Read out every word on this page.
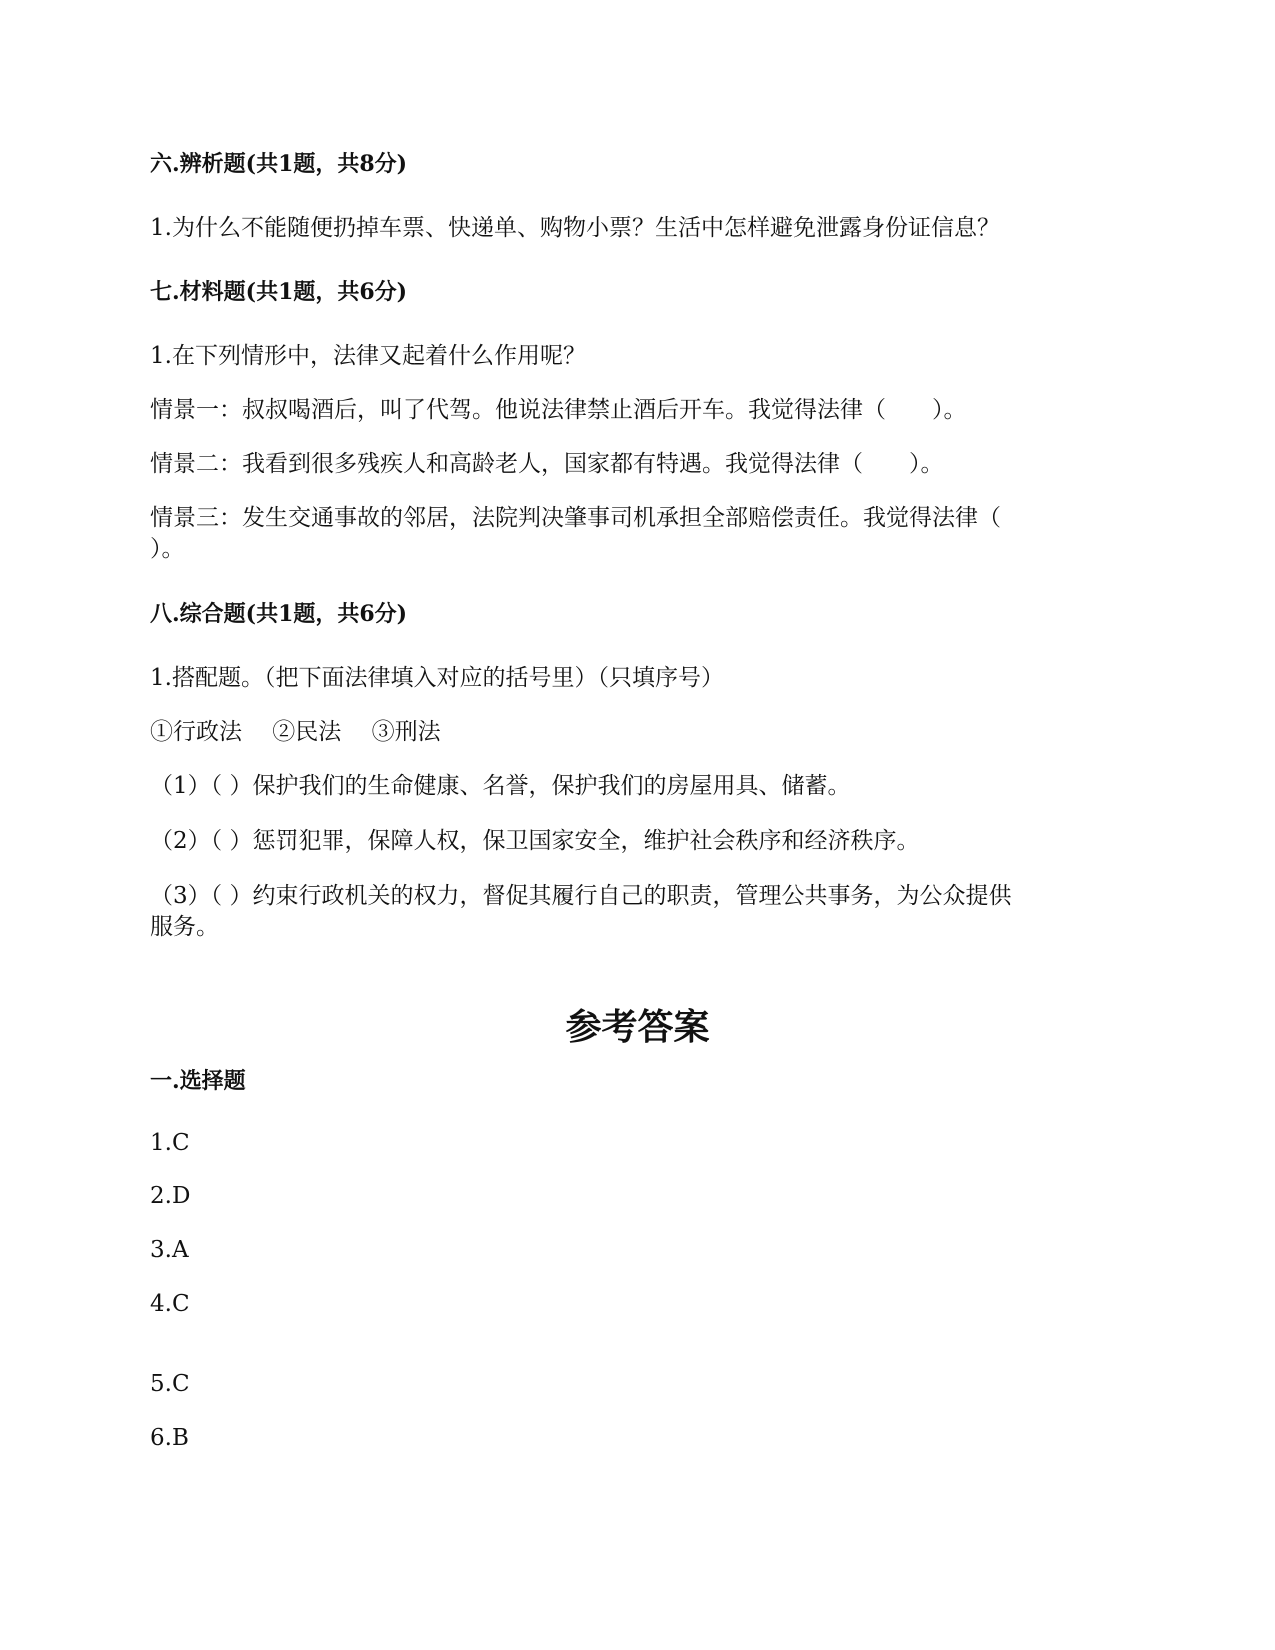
六.辨析题(共1题，共8分)
1.为什么不能随便扔掉车票、快递单、购物小票？生活中怎样避免泄露身份证信息？
七.材料题(共1题，共6分)
1.在下列情形中，法律又起着什么作用呢？
情景一：叔叔喝酒后，叫了代驾。他说法律禁止酒后开车。我觉得法律（　　）。
情景二：我看到很多残疾人和高龄老人，国家都有特遇。我觉得法律（　　）。
情景三：发生交通事故的邻居，法院判决肇事司机承担全部赔偿责任。我觉得法律（
）。
八.综合题(共1题，共6分)
1.搭配题。（把下面法律填入对应的括号里）（只填序号）
①行政法　 ②民法　 ③刑法
（1）（ ）保护我们的生命健康、名誉，保护我们的房屋用具、储蓄。
（2）（ ）惩罚犯罪，保障人权，保卫国家安全，维护社会秩序和经济秩序。
（3）（ ）约束行政机关的权力，督促其履行自己的职责，管理公共事务，为公众提供
服务。
参考答案
一.选择题
1.C
2.D
3.A
4.C
5.C
6.B
